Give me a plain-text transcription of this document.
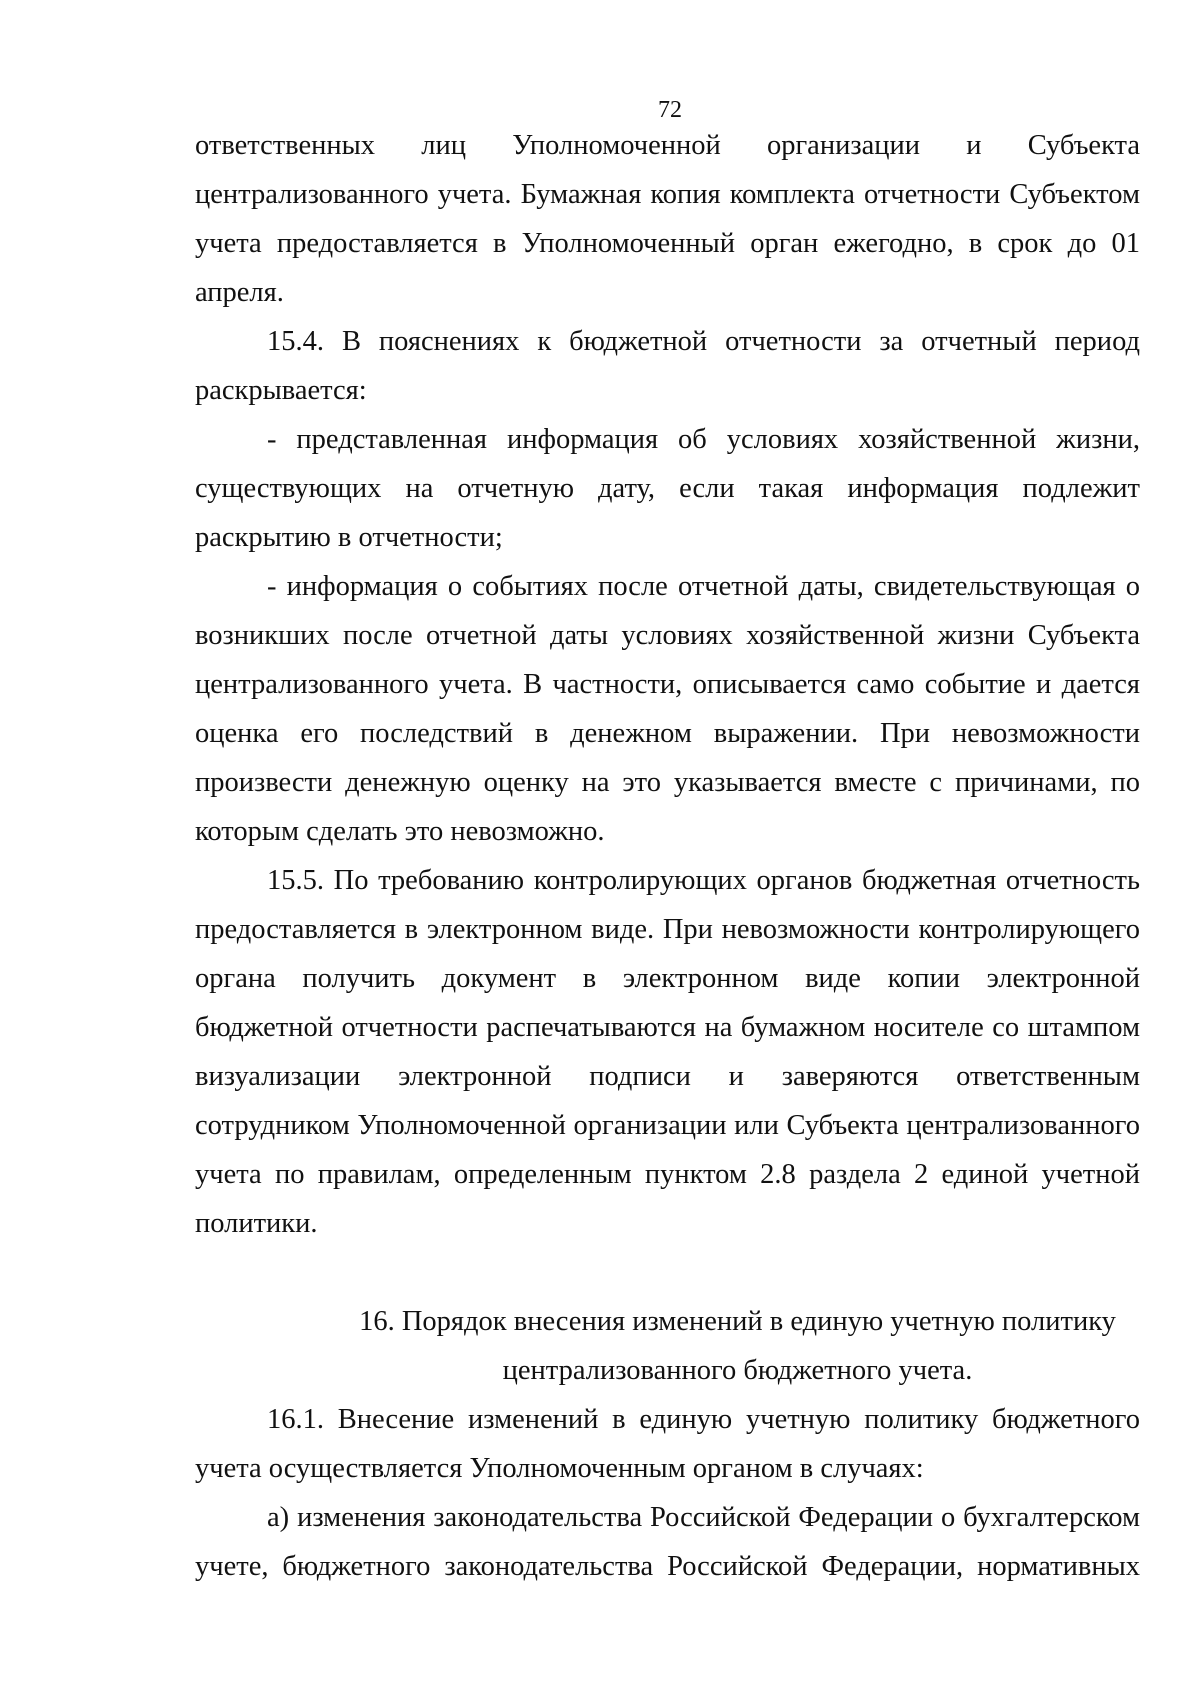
72

ответственных лиц Уполномоченной организации и Субъекта централизованного учета. Бумажная копия комплекта отчетности Субъектом учета предоставляется в Уполномоченный орган ежегодно, в срок до 01 апреля.

15.4. В пояснениях к бюджетной отчетности за отчетный период раскрывается:

- представленная информация об условиях хозяйственной жизни, существующих на отчетную дату, если такая информация подлежит раскрытию в отчетности;

- информация о событиях после отчетной даты, свидетельствующая о возникших после отчетной даты условиях хозяйственной жизни Субъекта централизованного учета. В частности, описывается само событие и дается оценка его последствий в денежном выражении. При невозможности произвести денежную оценку на это указывается вместе с причинами, по которым сделать это невозможно.

15.5. По требованию контролирующих органов бюджетная отчетность предоставляется в электронном виде. При невозможности контролирующего органа получить документ в электронном виде копии электронной бюджетной отчетности распечатываются на бумажном носителе со штампом визуализации электронной подписи и заверяются ответственным сотрудником Уполномоченной организации или Субъекта централизованного учета по правилам, определенным пунктом 2.8 раздела 2 единой учетной политики.

16. Порядок внесения изменений в единую учетную политику
централизованного бюджетного учета.

16.1. Внесение изменений в единую учетную политику бюджетного учета осуществляется Уполномоченным органом в случаях:

а) изменения законодательства Российской Федерации о бухгалтерском учете, бюджетного законодательства Российской Федерации, нормативных
